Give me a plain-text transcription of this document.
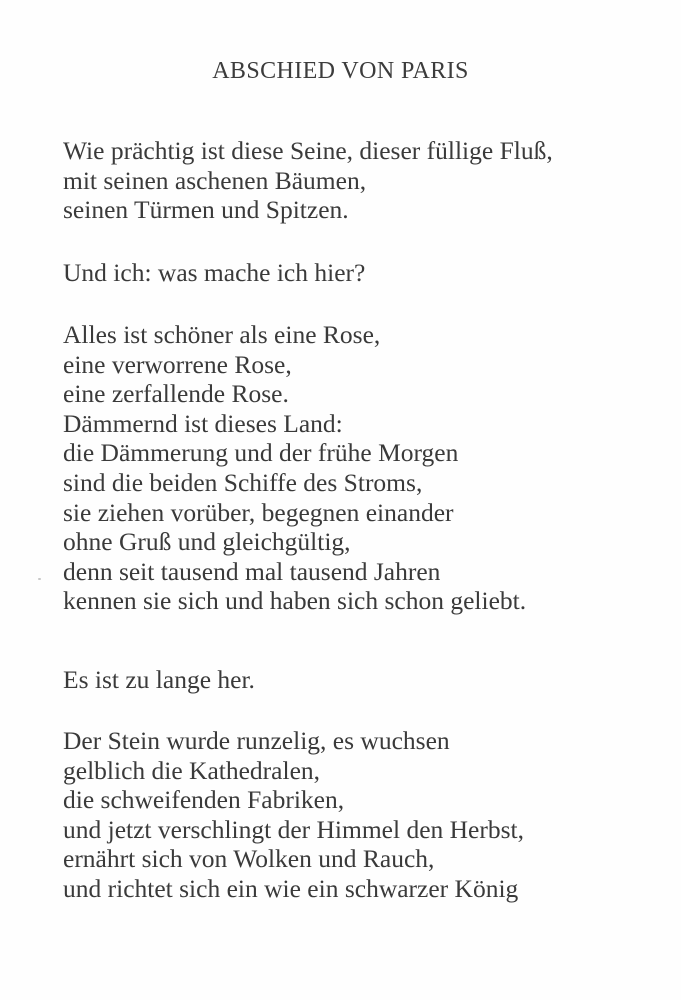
ABSCHIED VON PARIS
Wie prächtig ist diese Seine, dieser füllige Fluß,
mit seinen aschenen Bäumen,
seinen Türmen und Spitzen.
Und ich: was mache ich hier?
Alles ist schöner als eine Rose,
eine verworrene Rose,
eine zerfallende Rose.
Dämmernd ist dieses Land:
die Dämmerung und der frühe Morgen
sind die beiden Schiffe des Stroms,
sie ziehen vorüber, begegnen einander
ohne Gruß und gleichgültig,
denn seit tausend mal tausend Jahren
kennen sie sich und haben sich schon geliebt.
Es ist zu lange her.
Der Stein wurde runzelig, es wuchsen
gelblich die Kathedralen,
die schweifenden Fabriken,
und jetzt verschlingt der Himmel den Herbst,
ernährt sich von Wolken und Rauch,
und richtet sich ein wie ein schwarzer König
